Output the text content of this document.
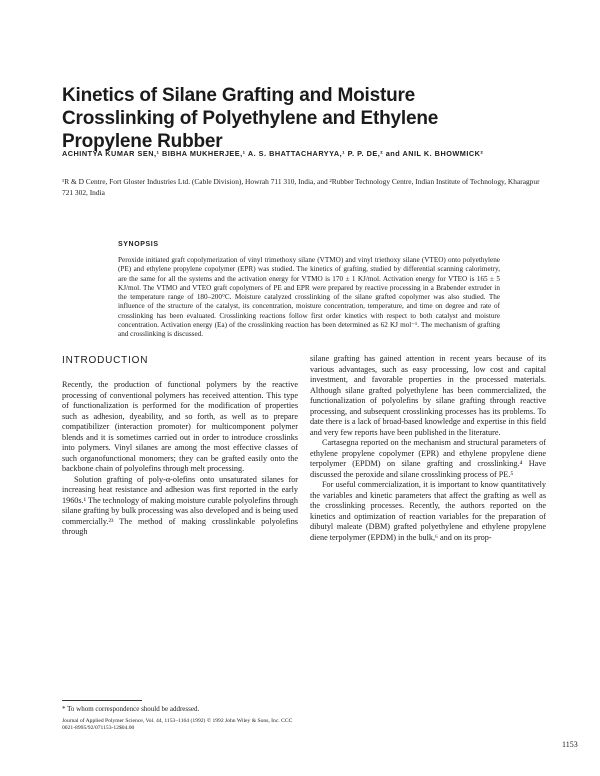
Kinetics of Silane Grafting and Moisture Crosslinking of Polyethylene and Ethylene Propylene Rubber
ACHINTYA KUMAR SEN,¹ BIBHA MUKHERJEE,¹ A. S. BHATTACHARYYA,¹ P. P. DE,² and ANIL K. BHOWMICK²
¹R & D Centre, Fort Gloster Industries Ltd. (Cable Division), Howrah 711 310, India, and ²Rubber Technology Centre, Indian Institute of Technology, Kharagpur 721 302, India
SYNOPSIS
Peroxide initiated graft copolymerization of vinyl trimethoxy silane (VTMO) and vinyl triethoxy silane (VTEO) onto polyethylene (PE) and ethylene propylene copolymer (EPR) was studied. The kinetics of grafting, studied by differential scanning calorimetry, are the same for all the systems and the activation energy for VTMO is 170 ± 1 KJ/mol. Activation energy for VTEO is 165 ± 5 KJ/mol. The VTMO and VTEO graft copolymers of PE and EPR were prepared by reactive processing in a Brabender extruder in the temperature range of 180–200°C. Moisture catalyzed crosslinking of the silane grafted copolymer was also studied. The influence of the structure of the catalyst, its concentration, moisture concentration, temperature, and time on degree and rate of crosslinking has been evaluated. Crosslinking reactions follow first order kinetics with respect to both catalyst and moisture concentration. Activation energy (Ea) of the crosslinking reaction has been determined as 62 KJ mol⁻¹. The mechanism of grafting and crosslinking is discussed.
INTRODUCTION

Recently, the production of functional polymers by the reactive processing of conventional polymers has received attention. This type of functionalization is performed for the modification of properties such as adhesion, dyeability, and so forth, as well as to prepare compatibilizer (interaction promoter) for multicomponent polymer blends and it is sometimes carried out in order to introduce crosslinks into polymers. Vinyl silanes are among the most effective classes of such organofunctional monomers; they can be grafted easily onto the backbone chain of polyolefins through melt processing.

Solution grafting of poly-α-olefins onto unsaturated silanes for increasing heat resistance and adhesion was first reported in the early 1960s.¹ The technology of making moisture curable polyolefins through silane grafting by bulk processing was also developed and is being used commercially.²³ The method of making crosslinkable polyolefins through

silane grafting has gained attention in recent years because of its various advantages, such as easy processing, low cost and capital investment, and favorable properties in the processed materials. Although silane grafted polyethylene has been commercialized, the functionalization of polyolefins by silane grafting through reactive processing, and subsequent crosslinking processes has its problems. To date there is a lack of broad-based knowledge and expertise in this field and very few reports have been published in the literature.

Cartasegna reported on the mechanism and structural parameters of ethylene propylene copolymer (EPR) and ethylene propylene diene terpolymer (EPDM) on silane grafting and crosslinking.⁴ Have discussed the peroxide and silane crosslinking process of PE.⁵

For useful commercialization, it is important to know quantitatively the variables and kinetic parameters that affect the grafting as well as the crosslinking processes. Recently, the authors reported on the kinetics and optimization of reaction variables for the preparation of dibutyl maleate (DBM) grafted polyethylene and ethylene propylene diene terpolymer (EPDM) in the bulk,⁶ and on its prop-

* To whom correspondence should be addressed.
Journal of Applied Polymer Science, Vol. 44, 1153–1164 (1992) © 1992 John Wiley & Sons, Inc. CCC 0021-8995/92/071153-12$04.00
1153
